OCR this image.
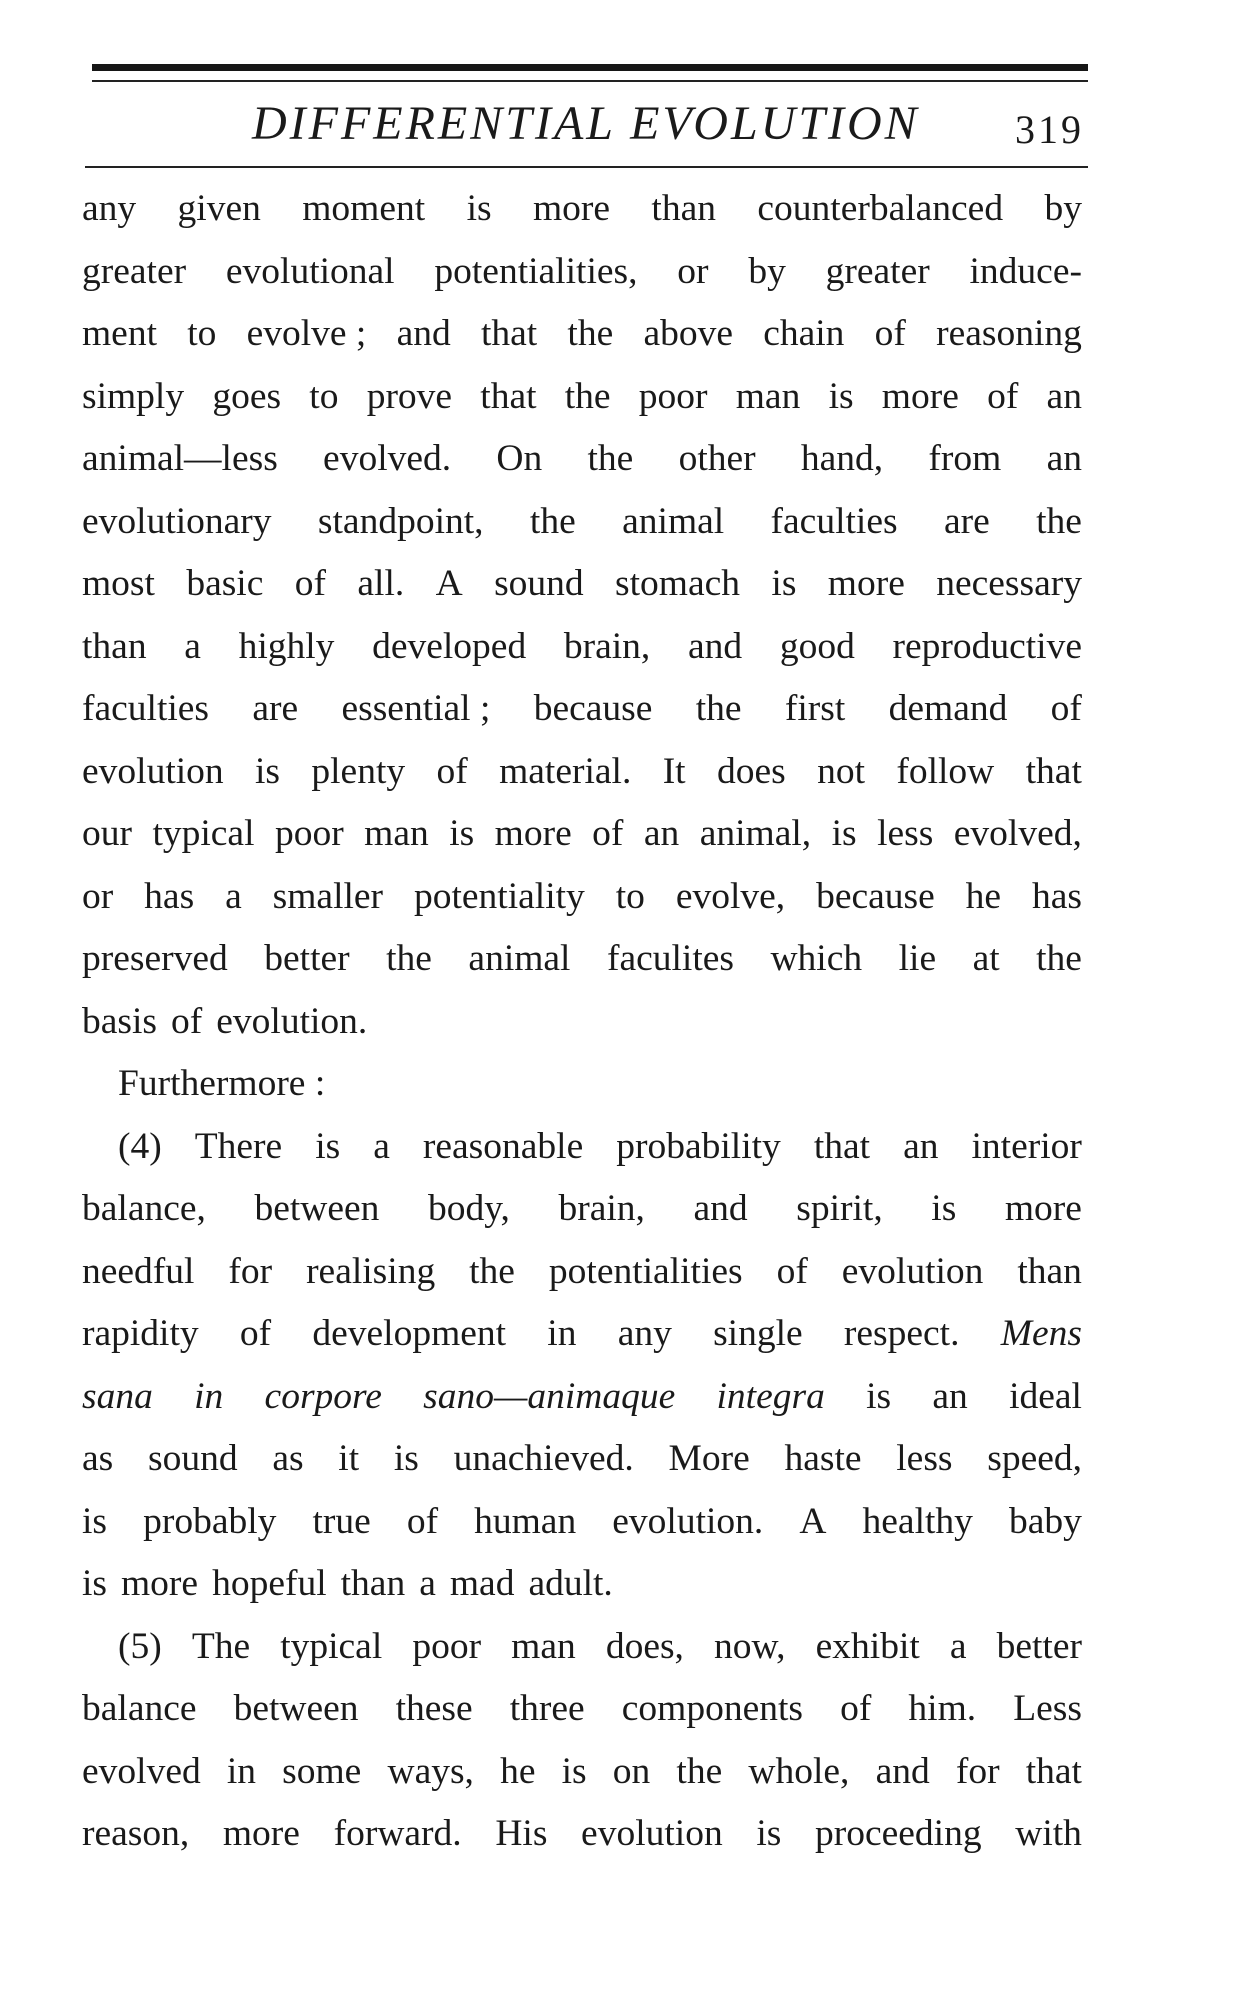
DIFFERENTIAL EVOLUTION 319
any given moment is more than counterbalanced by
greater evolutional potentialities, or by greater induce-
ment to evolve ; and that the above chain of reasoning
simply goes to prove that the poor man is more of an
animal—less evolved. On the other hand, from an
evolutionary standpoint, the animal faculties are the
most basic of all. A sound stomach is more necessary
than a highly developed brain, and good reproductive
faculties are essential ; because the first demand of
evolution is plenty of material. It does not follow that
our typical poor man is more of an animal, is less evolved,
or has a smaller potentiality to evolve, because he has
preserved better the animal faculites which lie at the
basis of evolution.
Furthermore :
(4) There is a reasonable probability that an interior
balance, between body, brain, and spirit, is more
needful for realising the potentialities of evolution than
rapidity of development in any single respect. Mens
sana in corpore sano—animaque integra is an ideal
as sound as it is unachieved. More haste less speed,
is probably true of human evolution. A healthy baby
is more hopeful than a mad adult.
(5) The typical poor man does, now, exhibit a better
balance between these three components of him. Less
evolved in some ways, he is on the whole, and for that
reason, more forward. His evolution is proceeding with
